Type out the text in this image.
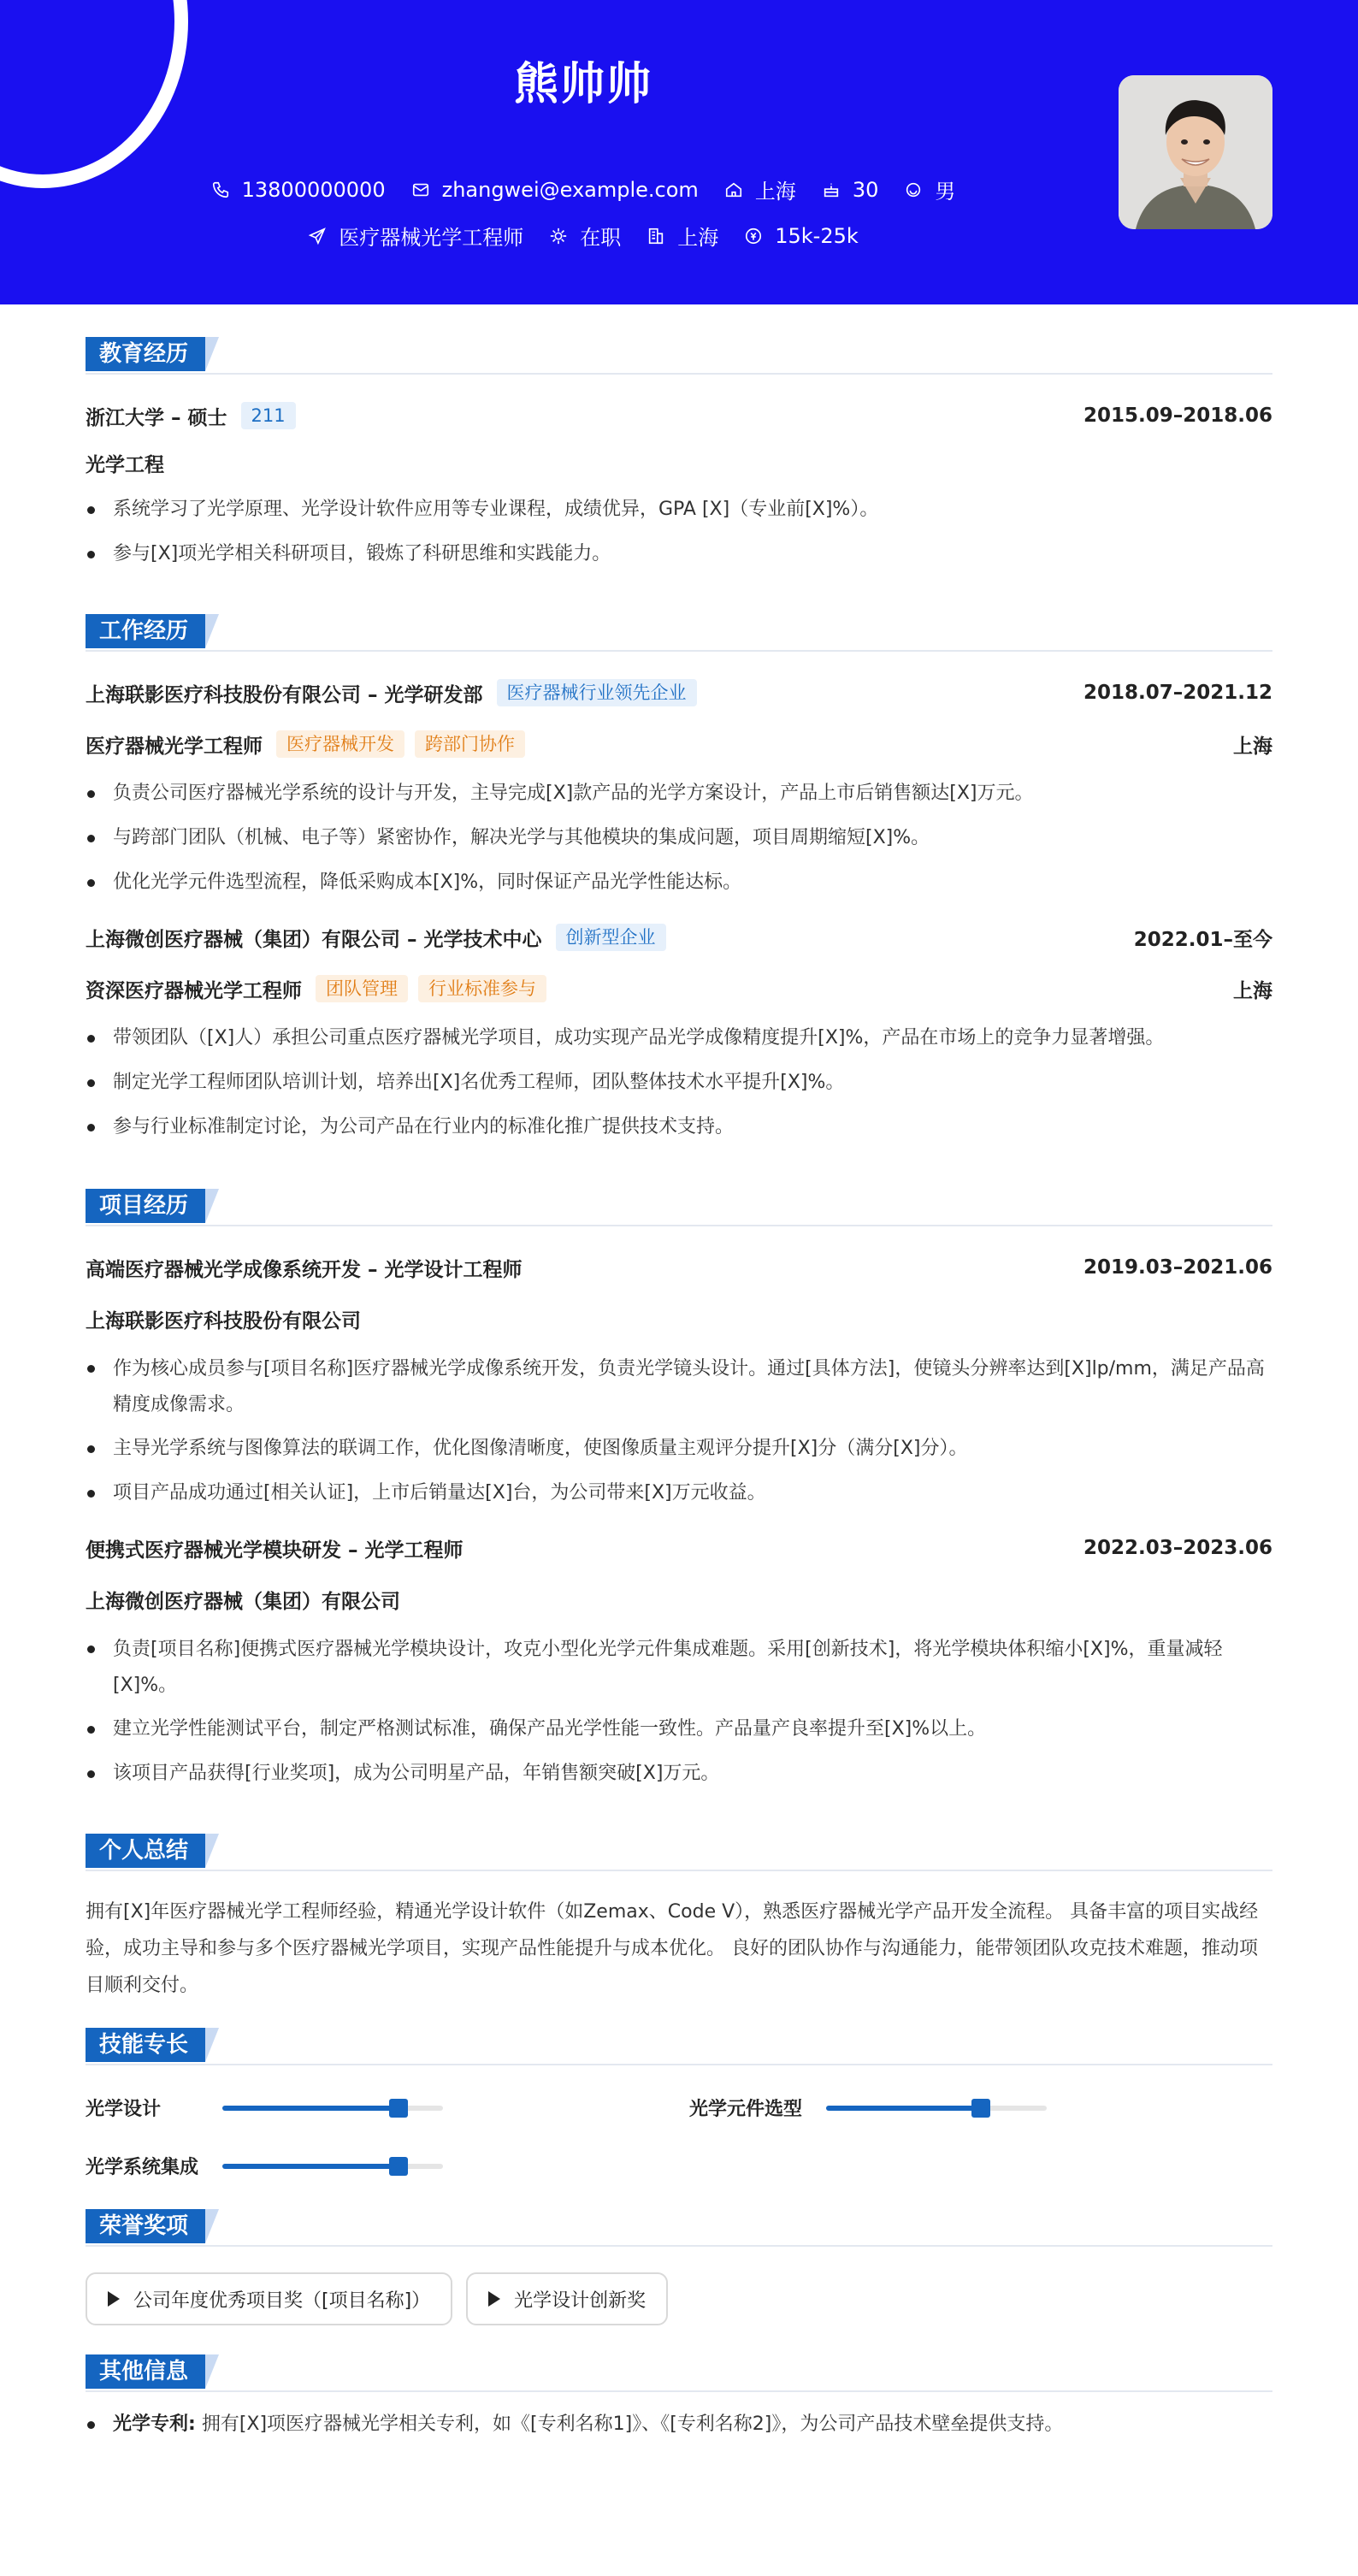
熊帅帅
13800000000	zhangwei@example.com	上海	30	男
医疗器械光学工程师	在职	上海	15k-25k
教育经历
浙江大学 – 硕士	211	2015.09–2018.06
光学工程
系统学习了光学原理、光学设计软件应用等专业课程，成绩优异，GPA [X]（专业前[X]%）。
参与[X]项光学相关科研项目，锻炼了科研思维和实践能力。
工作经历
上海联影医疗科技股份有限公司 – 光学研发部	医疗器械行业领先企业	2018.07–2021.12
医疗器械光学工程师	医疗器械开发	跨部门协作	上海
负责公司医疗器械光学系统的设计与开发，主导完成[X]款产品的光学方案设计，产品上市后销售额达[X]万元。
与跨部门团队（机械、电子等）紧密协作，解决光学与其他模块的集成问题，项目周期缩短[X]%。
优化光学元件选型流程，降低采购成本[X]%，同时保证产品光学性能达标。
上海微创医疗器械（集团）有限公司 – 光学技术中心	创新型企业	2022.01–至今
资深医疗器械光学工程师	团队管理	行业标准参与	上海
带领团队（[X]人）承担公司重点医疗器械光学项目，成功实现产品光学成像精度提升[X]%，产品在市场上的竞争力显著增强。
制定光学工程师团队培训计划，培养出[X]名优秀工程师，团队整体技术水平提升[X]%。
参与行业标准制定讨论，为公司产品在行业内的标准化推广提供技术支持。
项目经历
高端医疗器械光学成像系统开发 – 光学设计工程师	2019.03–2021.06
上海联影医疗科技股份有限公司
作为核心成员参与[项目名称]医疗器械光学成像系统开发，负责光学镜头设计。通过[具体方法]，使镜头分辨率达到[X]lp/mm，满足产品高精度成像需求。
主导光学系统与图像算法的联调工作，优化图像清晰度，使图像质量主观评分提升[X]分（满分[X]分）。
项目产品成功通过[相关认证]，上市后销量达[X]台，为公司带来[X]万元收益。
便携式医疗器械光学模块研发 – 光学工程师	2022.03–2023.06
上海微创医疗器械（集团）有限公司
负责[项目名称]便携式医疗器械光学模块设计，攻克小型化光学元件集成难题。采用[创新技术]，将光学模块体积缩小[X]%，重量减轻[X]%。
建立光学性能测试平台，制定严格测试标准，确保产品光学性能一致性。产品量产良率提升至[X]%以上。
该项目产品获得[行业奖项]，成为公司明星产品，年销售额突破[X]万元。
个人总结
拥有[X]年医疗器械光学工程师经验，精通光学设计软件（如Zemax、Code V），熟悉医疗器械光学产品开发全流程。 具备丰富的项目实战经验，成功主导和参与多个医疗器械光学项目，实现产品性能提升与成本优化。 良好的团队协作与沟通能力，能带领团队攻克技术难题，推动项目顺利交付。
技能专长
光学设计	光学元件选型
光学系统集成
荣誉奖项
公司年度优秀项目奖（[项目名称]）	光学设计创新奖
其他信息
光学专利: 拥有[X]项医疗器械光学相关专利，如《[专利名称1]》、《[专利名称2]》，为公司产品技术壁垒提供支持。
